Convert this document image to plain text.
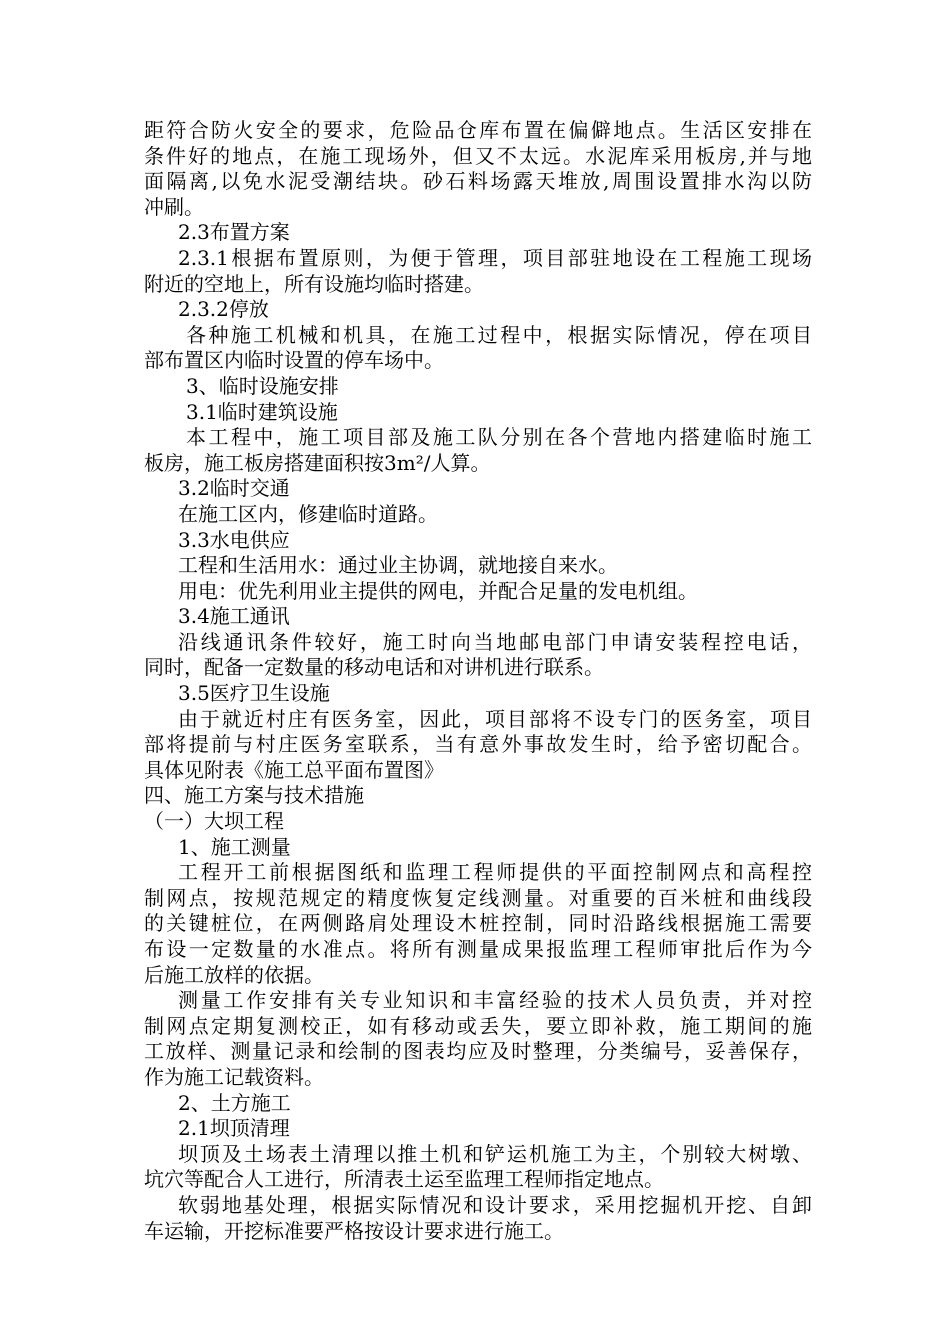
距符合防火安全的要求，危险品仓库布置在偏僻地点。生活区安排在
条件好的地点，在施工现场外，但又不太远。水泥库采用板房,并与地
面隔离,以免水泥受潮结块。砂石料场露天堆放,周围设置排水沟以防
冲刷。
2.3布置方案
2.3.1根据布置原则，为便于管理，项目部驻地设在工程施工现场
附近的空地上，所有设施均临时搭建。
2.3.2停放
各种施工机械和机具，在施工过程中，根据实际情况，停在项目
部布置区内临时设置的停车场中。
3、临时设施安排
3.1临时建筑设施
本工程中，施工项目部及施工队分别在各个营地内搭建临时施工
板房，施工板房搭建面积按3m²/人算。
3.2临时交通
在施工区内，修建临时道路。
3.3水电供应
工程和生活用水：通过业主协调，就地接自来水。
用电：优先利用业主提供的网电，并配合足量的发电机组。
3.4施工通讯
沿线通讯条件较好，施工时向当地邮电部门申请安装程控电话，
同时，配备一定数量的移动电话和对讲机进行联系。
3.5医疗卫生设施
由于就近村庄有医务室，因此，项目部将不设专门的医务室，项目
部将提前与村庄医务室联系，当有意外事故发生时，给予密切配合。
具体见附表《施工总平面布置图》
四、施工方案与技术措施
（一）大坝工程
1、施工测量
工程开工前根据图纸和监理工程师提供的平面控制网点和高程控
制网点，按规范规定的精度恢复定线测量。对重要的百米桩和曲线段
的关键桩位，在两侧路肩处理设木桩控制，同时沿路线根据施工需要
布设一定数量的水准点。将所有测量成果报监理工程师审批后作为今
后施工放样的依据。
测量工作安排有关专业知识和丰富经验的技术人员负责，并对控
制网点定期复测校正，如有移动或丢失，要立即补救，施工期间的施
工放样、测量记录和绘制的图表均应及时整理，分类编号，妥善保存，
作为施工记载资料。
2、土方施工
2.1坝顶清理
坝顶及土场表土清理以推土机和铲运机施工为主，个别较大树墩、
坑穴等配合人工进行，所清表土运至监理工程师指定地点。
软弱地基处理，根据实际情况和设计要求，采用挖掘机开挖、自卸
车运输，开挖标准要严格按设计要求进行施工。
